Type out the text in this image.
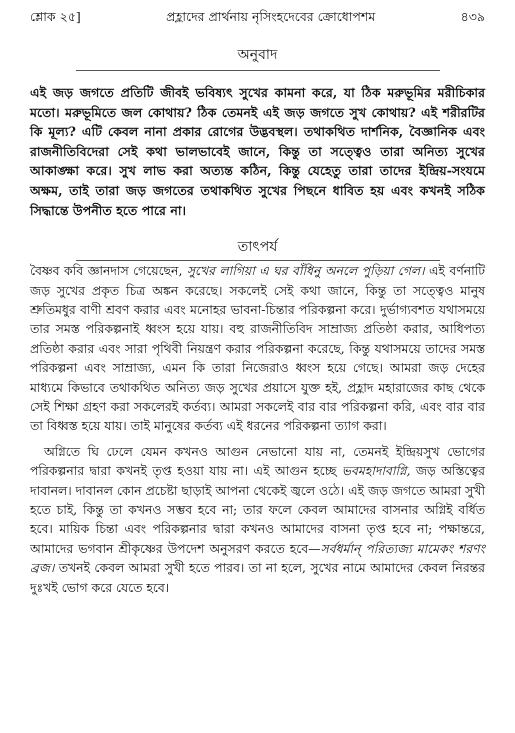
শ্লোক ২৫]	প্রহ্লাদের প্রার্থনায় নৃসিংহদেবের ক্রোধোপশম	৪৩৯
অনুবাদ
এই জড় জগতে প্রতিটি জীবই ভবিষ্যৎ সুখের কামনা করে, যা ঠিক মরুভূমির মরীচিকার মতো। মরুভূমিতে জল কোথায়? ঠিক তেমনই এই জড় জগতে সুখ কোথায়? এই শরীরটির কি মূল্য? এটি কেবল নানা প্রকার রোগের উদ্ভবস্থল। তথাকথিত দার্শনিক, বৈজ্ঞানিক এবং রাজনীতিবিদেরা সেই কথা ভালভাবেই জানে, কিন্তু তা সত্ত্বেও তারা অনিত্য সুখের আকাঙ্ক্ষা করে। সুখ লাভ করা অত্যন্ত কঠিন, কিন্তু যেহেতু তারা তাদের ইন্দ্রিয়-সংযমে অক্ষম, তাই তারা জড় জগতের তথাকথিত সুখের পিছনে ধাবিত হয় এবং কখনই সঠিক সিদ্ধান্তে উপনীত হতে পারে না।
তাৎপর্য

বৈষ্ণব কবি জ্ঞানদাস গেয়েছেন, সুখের লাগিয়া এ ঘর বাঁধিনু অনলে পুড়িয়া গেল। এই বর্ণনাটি জড় সুখের প্রকৃত চিত্র অঙ্কন করেছে। সকলেই সেই কথা জানে, কিন্তু তা সত্ত্বেও মানুষ শ্রুতিমধুর বাণী শ্রবণ করার এবং মনোহর ভাবনা-চিন্তার পরিকল্পনা করে। দুর্ভাগ্যবশত যথাসময়ে তার সমস্ত পরিকল্পনাই ধ্বংস হয়ে যায়। বহু রাজনীতিবিদ সাম্রাজ্য প্রতিষ্ঠা করার, আধিপত্য প্রতিষ্ঠা করার এবং সারা পৃথিবী নিয়ন্ত্রণ করার পরিকল্পনা করেছে, কিন্তু যথাসময়ে তাদের সমস্ত পরিকল্পনা এবং সাম্রাজ্য, এমন কি তারা নিজেরাও ধ্বংস হয়ে গেছে। আমরা জড় দেহের মাধ্যমে কিভাবে তথাকথিত অনিত্য জড় সুখের প্রয়াসে যুক্ত হই, প্রহ্লাদ মহারাজের কাছ থেকে সেই শিক্ষা গ্রহণ করা সকলেরই কর্তব্য। আমরা সকলেই বার বার পরিকল্পনা করি, এবং বার বার তা বিধ্বস্ত হয়ে যায়। তাই মানুষের কর্তব্য এই ধরনের পরিকল্পনা ত্যাগ করা।

অগ্নিতে ঘি ঢেলে যেমন কখনও আগুন নেভানো যায় না, তেমনই ইন্দ্রিয়সুখ ভোগের পরিকল্পনার দ্বারা কখনই তৃপ্ত হওয়া যায় না। এই আগুন হচ্ছে ভবমহাদাবাগ্নি, জড় অস্তিত্বের দাবানল। দাবানল কোন প্রচেষ্টা ছাড়াই আপনা থেকেই জ্বলে ওঠে। এই জড় জগতে আমরা সুখী হতে চাই, কিন্তু তা কখনও সম্ভব হবে না; তার ফলে কেবল আমাদের বাসনার অগ্নিই বর্ধিত হবে। মায়িক চিন্তা এবং পরিকল্পনার দ্বারা কখনও আমাদের বাসনা তৃপ্ত হবে না; পক্ষান্তরে, আমাদের ভগবান শ্রীকৃষ্ণের উপদেশ অনুসরণ করতে হবে—সর্বধর্মান্ পরিত্যজ্য মামেকং শরণং ব্রজ। তখনই কেবল আমরা সুখী হতে পারব। তা না হলে, সুখের নামে আমাদের কেবল নিরন্তর দুঃখই ভোগ করে যেতে হবে।
